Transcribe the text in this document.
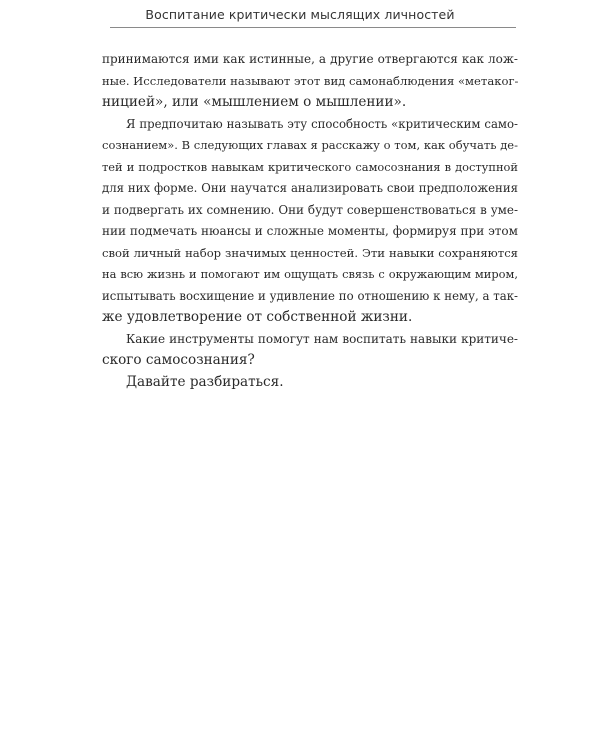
Воспитание критически мыслящих личностей
принимаются ими как истинные, а другие отвергаются как лож-
ные. Исследователи называют этот вид самонаблюдения «метаког-
ницией», или «мышлением о мышлении».
Я предпочитаю называть эту способность «критическим само-
сознанием». В следующих главах я расскажу о том, как обучать де-
тей и подростков навыкам критического самосознания в доступной
для них форме. Они научатся анализировать свои предположения
и подвергать их сомнению. Они будут совершенствоваться в уме-
нии подмечать нюансы и сложные моменты, формируя при этом
свой личный набор значимых ценностей. Эти навыки сохраняются
на всю жизнь и помогают им ощущать связь с окружающим миром,
испытывать восхищение и удивление по отношению к нему, а так-
же удовлетворение от собственной жизни.
Какие инструменты помогут нам воспитать навыки критиче-
ского самосознания?
Давайте разбираться.
